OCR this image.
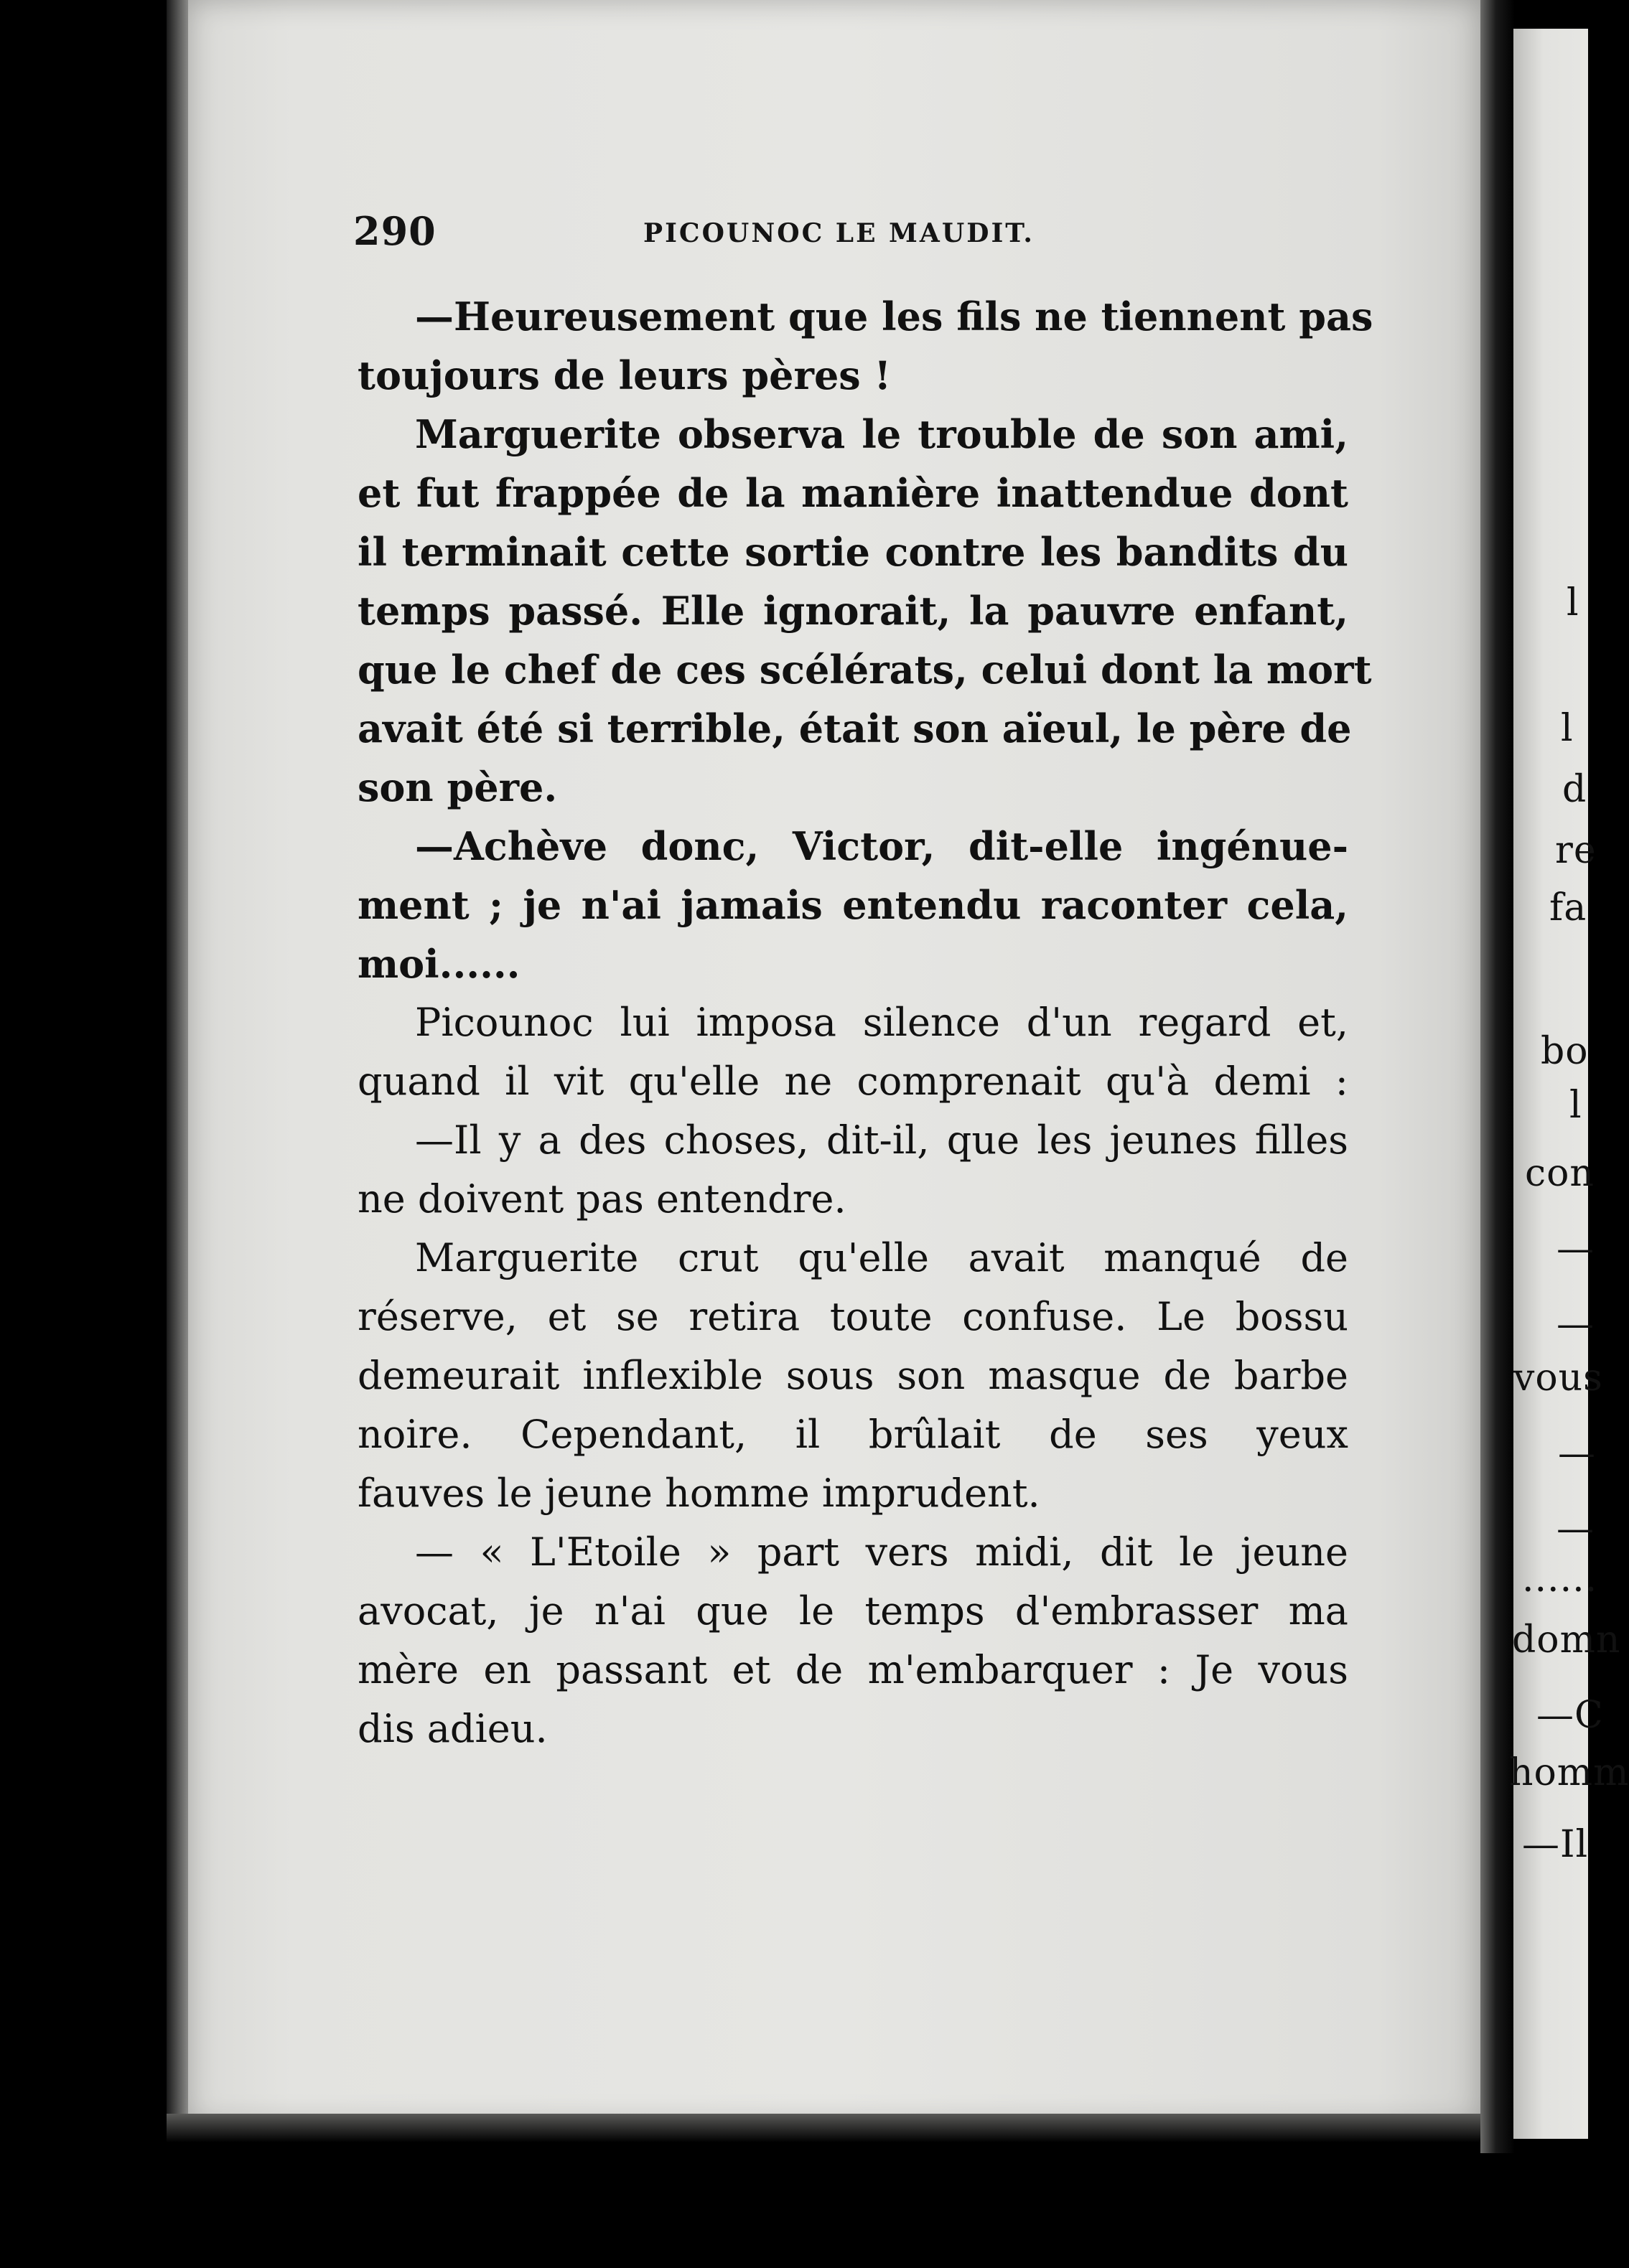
l
l
d
re
fa
bo
l
con
—
—
vous
—
—
......
domn
—C
homm
—Il
290	PICOUNOC LE MAUDIT.
—Heureusement que les fils ne tiennent pas
toujours de leurs pères !
Marguerite observa le trouble de son ami,
et fut frappée de la manière inattendue dont
il terminait cette sortie contre les bandits du
temps passé. Elle ignorait, la pauvre enfant,
que le chef de ces scélérats, celui dont la mort
avait été si terrible, était son aïeul, le père de
son père.
—Achève donc, Victor, dit-elle ingénue-
ment ; je n'ai jamais entendu raconter cela,
moi......
Picounoc lui imposa silence d'un regard et,
quand il vit qu'elle ne comprenait qu'à demi :
—Il y a des choses, dit-il, que les jeunes filles
ne doivent pas entendre.
Marguerite crut qu'elle avait manqué de
réserve, et se retira toute confuse. Le bossu
demeurait inflexible sous son masque de barbe
noire. Cependant, il brûlait de ses yeux
fauves le jeune homme imprudent.
— « L'Etoile » part vers midi, dit le jeune
avocat, je n'ai que le temps d'embrasser ma
mère en passant et de m'embarquer : Je vous
dis adieu.
